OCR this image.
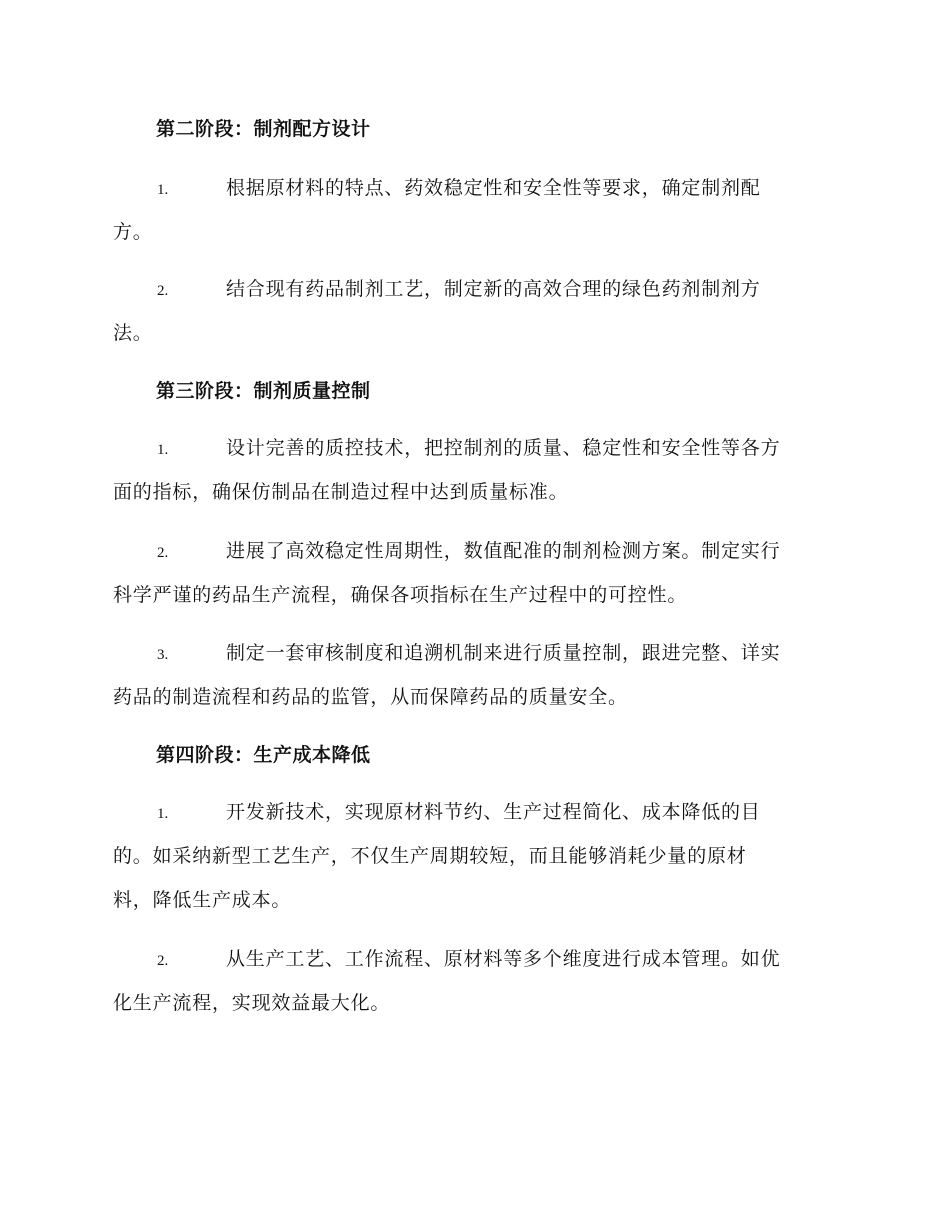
第二阶段：制剂配方设计
1.	根据原材料的特点、药效稳定性和安全性等要求，确定制剂配
方。
2.	结合现有药品制剂工艺，制定新的高效合理的绿色药剂制剂方
法。
第三阶段：制剂质量控制
1.	设计完善的质控技术，把控制剂的质量、稳定性和安全性等各方
面的指标，确保仿制品在制造过程中达到质量标准。
2.	进展了高效稳定性周期性，数值配准的制剂检测方案。制定实行
科学严谨的药品生产流程，确保各项指标在生产过程中的可控性。
3.	制定一套审核制度和追溯机制来进行质量控制，跟进完整、详实
药品的制造流程和药品的监管，从而保障药品的质量安全。
第四阶段：生产成本降低
1.	开发新技术，实现原材料节约、生产过程简化、成本降低的目
的。如采纳新型工艺生产，不仅生产周期较短，而且能够消耗少量的原材
料，降低生产成本。
2.	从生产工艺、工作流程、原材料等多个维度进行成本管理。如优
化生产流程，实现效益最大化。
